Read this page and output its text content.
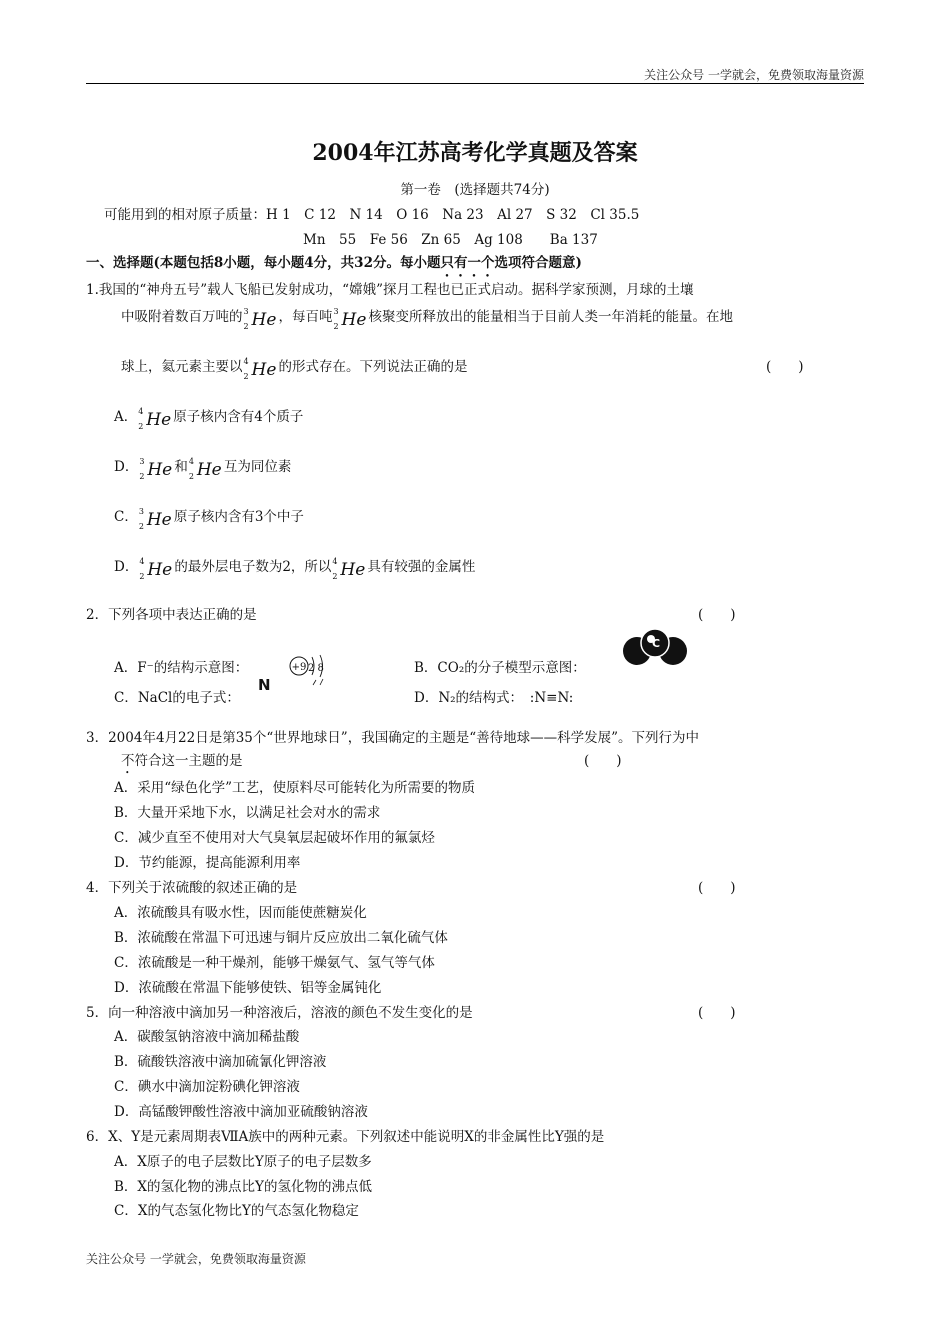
关注公众号 一学就会，免费领取海量资源
关注公众号 一学就会，免费领取海量资源
2004年江苏高考化学真题及答案
第一卷　(选择题共74分)
可能用到的相对原子质量：H 1　C 12　N 14　O 16　Na 23　Al 27　S 32　Cl 35.5
Mn　55　Fe 56　Zn 65　Ag 108　　Ba 137
一、选择题(本题包括8小题，每小题4分，共32分。每小题只有一个选项符合题意)
1.我国的“神舟五号”载人飞船已发射成功，“嫦娥”探月工程也已正式启动。据科学家预测，月球的土壤
中吸附着数百万吨的 3
2 He ，每百吨 3
2 He 核聚变所释放出的能量相当于目前人类一年消耗的能量。在地
球上，氦元素主要以 4
2 He 的形式存在。下列说法正确的是	(　　)
A． 4
2 He 原子核内含有4个质子
D． 3
2 He 和 4
2 He 互为同位素
C． 3
2 He 原子核内含有3个中子
D． 4
2 He 的最外层电子数为2，所以 4
2 He 具有较强的金属性
2．下列各项中表达正确的是	(　　)
A．F⁻的结构示意图：	+9 2 8	B．CO₂的分子模型示意图：
C
C．NaCl的电子式：
N
D．N₂的结构式：　:N≡N:
3．2004年4月22日是第35个“世界地球日”，我国确定的主题是“善待地球——科学发展”。下列行为中
不符合这一主题的是	(　　)
A．采用“绿色化学”工艺，使原料尽可能转化为所需要的物质
B．大量开采地下水，以满足社会对水的需求
C．减少直至不使用对大气臭氧层起破坏作用的氟氯烃
D．节约能源，提高能源利用率
4．下列关于浓硫酸的叙述正确的是	(　　)
A．浓硫酸具有吸水性，因而能使蔗糖炭化
B．浓硫酸在常温下可迅速与铜片反应放出二氧化硫气体
C．浓硫酸是一种干燥剂，能够干燥氨气、氢气等气体
D．浓硫酸在常温下能够使铁、铝等金属钝化
5．向一种溶液中滴加另一种溶液后，溶液的颜色不发生变化的是	(　　)
A．碳酸氢钠溶液中滴加稀盐酸
B．硫酸铁溶液中滴加硫氰化钾溶液
C．碘水中滴加淀粉碘化钾溶液
D．高锰酸钾酸性溶液中滴加亚硫酸钠溶液
6．X、Y是元素周期表ⅦA族中的两种元素。下列叙述中能说明X的非金属性比Y强的是
A．X原子的电子层数比Y原子的电子层数多
B．X的氢化物的沸点比Y的氢化物的沸点低
C．X的气态氢化物比Y的气态氢化物稳定
